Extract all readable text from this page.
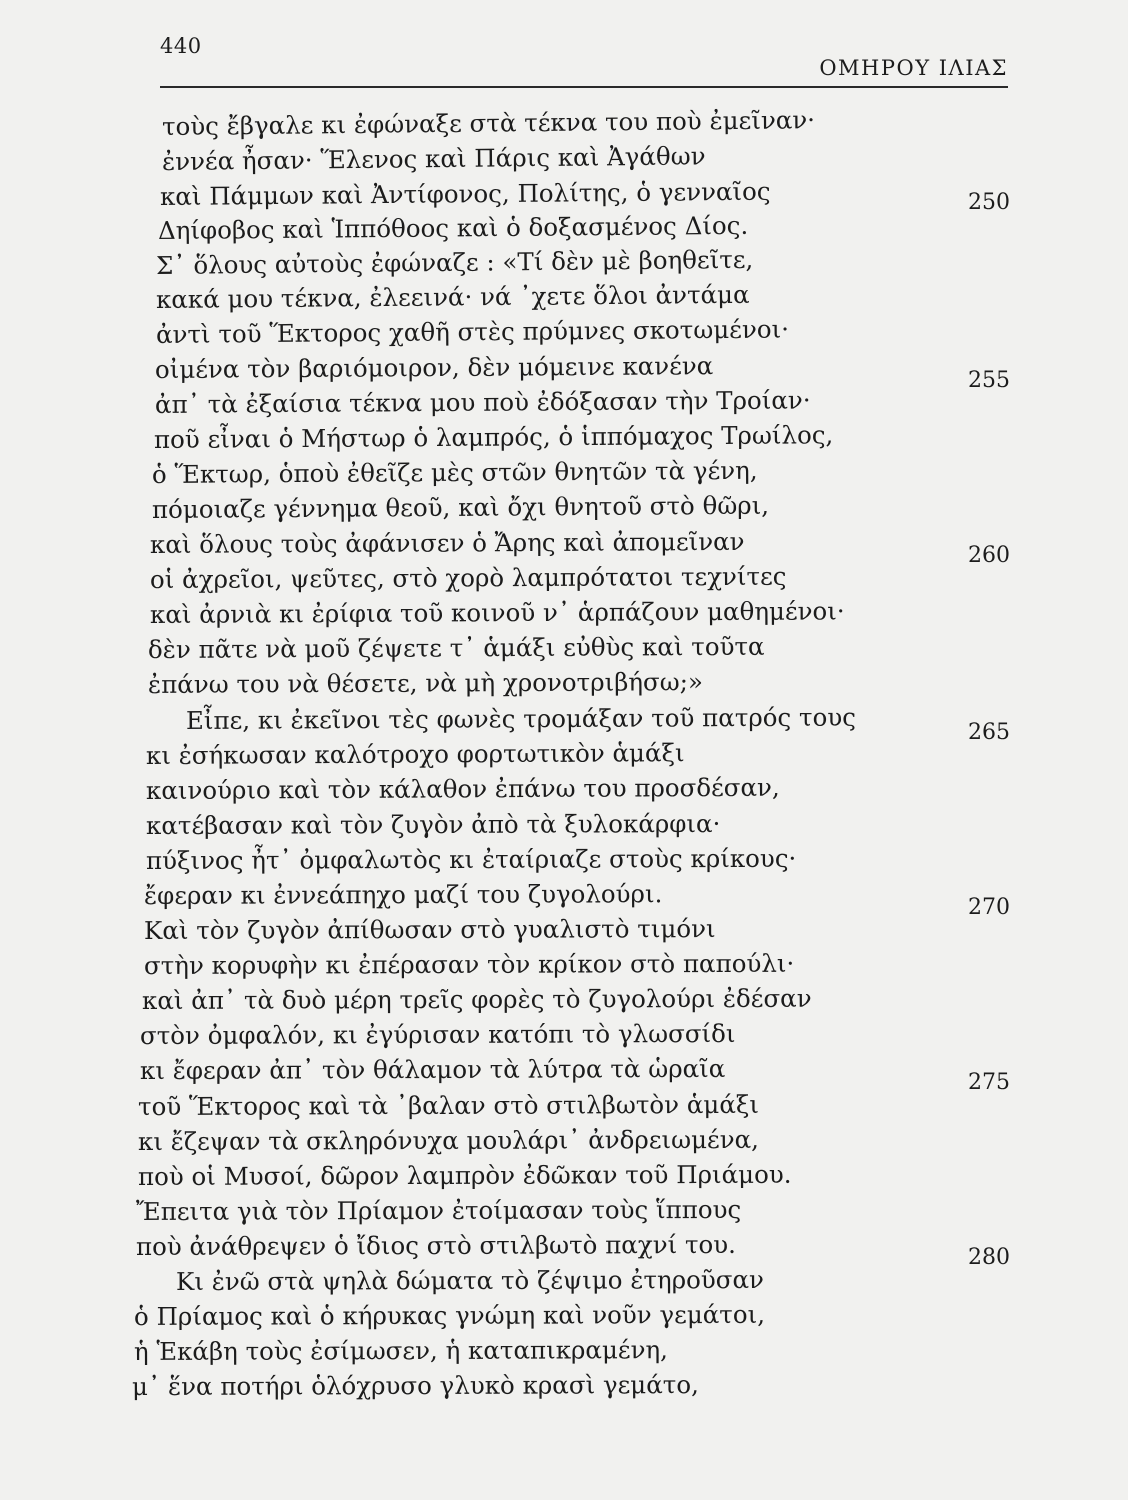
440
ΟΜΗΡΟΥ ΙΛΙΑΣ
τοὺς ἔβγαλε κι ἐφώναξε στὰ τέκνα του ποὺ ἐμεῖναν·
ἐννέα ἦσαν· Ἕλενος καὶ Πάρις καὶ Ἀγάθων
καὶ Πάμμων καὶ Ἀντίφονος, Πολίτης, ὁ γενναῖος
Δηίφοβος καὶ Ἱππόθοος καὶ ὁ δοξασμένος Δίος.
Σ᾽ ὅλους αὐτοὺς ἐφώναζε : «Τί δὲν μὲ βοηθεῖτε,
κακά μου τέκνα, ἐλεεινά· νά ᾽χετε ὅλοι ἀντάμα
ἀντὶ τοῦ Ἕκτορος χαθῆ στὲς πρύμνες σκοτωμένοι·
οἰμένα τὸν βαριόμοιρον, δὲν μόμεινε κανένα
ἀπ᾽ τὰ ἐξαίσια τέκνα μου ποὺ ἐδόξασαν τὴν Τροίαν·
ποῦ εἶναι ὁ Μήστωρ ὁ λαμπρός, ὁ ἱππόμαχος Τρωίλος,
ὁ Ἕκτωρ, ὁποὺ ἐθεῖζε μὲς στῶν θνητῶν τὰ γένη,
πόμοιαζε γέννημα θεοῦ, καὶ ὄχι θνητοῦ στὸ θῶρι,
καὶ ὅλους τοὺς ἀφάνισεν ὁ Ἄρης καὶ ἀπομεῖναν
οἱ ἀχρεῖοι, ψεῦτες, στὸ χορὸ λαμπρότατοι τεχνίτες
καὶ ἀρνιὰ κι ἐρίφια τοῦ κοινοῦ ν᾽ ἁρπάζουν μαθημένοι·
δὲν πᾶτε νὰ μοῦ ζέψετε τ᾽ ἁμάξι εὐθὺς καὶ τοῦτα
ἐπάνω του νὰ θέσετε, νὰ μὴ χρονοτριβήσω;»
Εἶπε, κι ἐκεῖνοι τὲς φωνὲς τρομάξαν τοῦ πατρός τους
κι ἐσήκωσαν καλότροχο φορτωτικὸν ἁμάξι
καινούριο καὶ τὸν κάλαθον ἐπάνω του προσδέσαν,
κατέβασαν καὶ τὸν ζυγὸν ἀπὸ τὰ ξυλοκάρφια·
πύξινος ἦτ᾽ ὀμφαλωτὸς κι ἐταίριαζε στοὺς κρίκους·
ἔφεραν κι ἐννεάπηχο μαζί του ζυγολούρι.
Καὶ τὸν ζυγὸν ἀπίθωσαν στὸ γυαλιστὸ τιμόνι
στὴν κορυφὴν κι ἐπέρασαν τὸν κρίκον στὸ παπούλι·
καὶ ἀπ᾽ τὰ δυὸ μέρη τρεῖς φορὲς τὸ ζυγολούρι ἐδέσαν
στὸν ὀμφαλόν, κι ἐγύρισαν κατόπι τὸ γλωσσίδι
κι ἔφεραν ἀπ᾽ τὸν θάλαμον τὰ λύτρα τὰ ὡραῖα
τοῦ Ἕκτορος καὶ τὰ ᾽βαλαν στὸ στιλβωτὸν ἁμάξι
κι ἔζεψαν τὰ σκληρόνυχα μουλάρι᾽ ἀνδρειωμένα,
ποὺ οἱ Μυσοί, δῶρον λαμπρὸν ἐδῶκαν τοῦ Πριάμου.
Ἔπειτα γιὰ τὸν Πρίαμον ἐτοίμασαν τοὺς ἵππους
ποὺ ἀνάθρεψεν ὁ ἴδιος στὸ στιλβωτὸ παχνί του.
Κι ἐνῶ στὰ ψηλὰ δώματα τὸ ζέψιμο ἐτηροῦσαν
ὁ Πρίαμος καὶ ὁ κήρυκας γνώμη καὶ νοῦν γεμάτοι,
ἡ Ἑκάβη τοὺς ἐσίμωσεν, ἡ καταπικραμένη,
μ᾽ ἕνα ποτήρι ὁλόχρυσο γλυκὸ κρασὶ γεμάτο,
250
255
260
265
270
275
280
